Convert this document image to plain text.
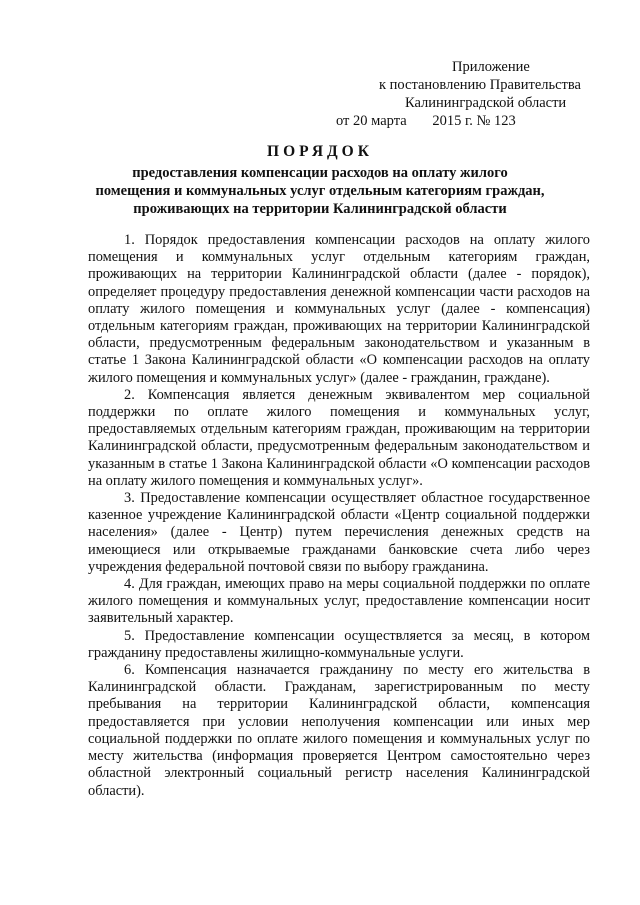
Приложение
к постановлению Правительства
Калининградской области
от 20 марта 2015 г. № 123
ПОРЯДОК
предоставления компенсации расходов на оплату жилого
помещения и коммунальных услуг отдельным категориям граждан,
проживающих на территории Калининградской области

1. Порядок предоставления компенсации расходов на оплату жилого помещения и коммунальных услуг отдельным категориям граждан, проживающих на территории Калининградской области (далее - порядок), определяет процедуру предоставления денежной компенсации части расходов на оплату жилого помещения и коммунальных услуг (далее - компенсация) отдельным категориям граждан, проживающих на территории Калининградской области, предусмотренным федеральным законодательством и указанным в статье 1 Закона Калининградской области «О компенсации расходов на оплату жилого помещения и коммунальных услуг» (далее - гражданин, граждане).

2. Компенсация является денежным эквивалентом мер социальной поддержки по оплате жилого помещения и коммунальных услуг, предоставляемых отдельным категориям граждан, проживающим на территории Калининградской области, предусмотренным федеральным законодательством и указанным в статье 1 Закона Калининградской области «О компенсации расходов на оплату жилого помещения и коммунальных услуг».

3. Предоставление компенсации осуществляет областное государственное казенное учреждение Калининградской области «Центр социальной поддержки населения» (далее - Центр) путем перечисления денежных средств на имеющиеся или открываемые гражданами банковские счета либо через учреждения федеральной почтовой связи по выбору гражданина.

4. Для граждан, имеющих право на меры социальной поддержки по оплате жилого помещения и коммунальных услуг, предоставление компенсации носит заявительный характер.

5. Предоставление компенсации осуществляется за месяц, в котором гражданину предоставлены жилищно-коммунальные услуги.

6. Компенсация назначается гражданину по месту его жительства в Калининградской области. Гражданам, зарегистрированным по месту пребывания на территории Калининградской области, компенсация предоставляется при условии неполучения компенсации или иных мер социальной поддержки по оплате жилого помещения и коммунальных услуг по месту жительства (информация проверяется Центром самостоятельно через областной электронный социальный регистр населения Калининградской области).
